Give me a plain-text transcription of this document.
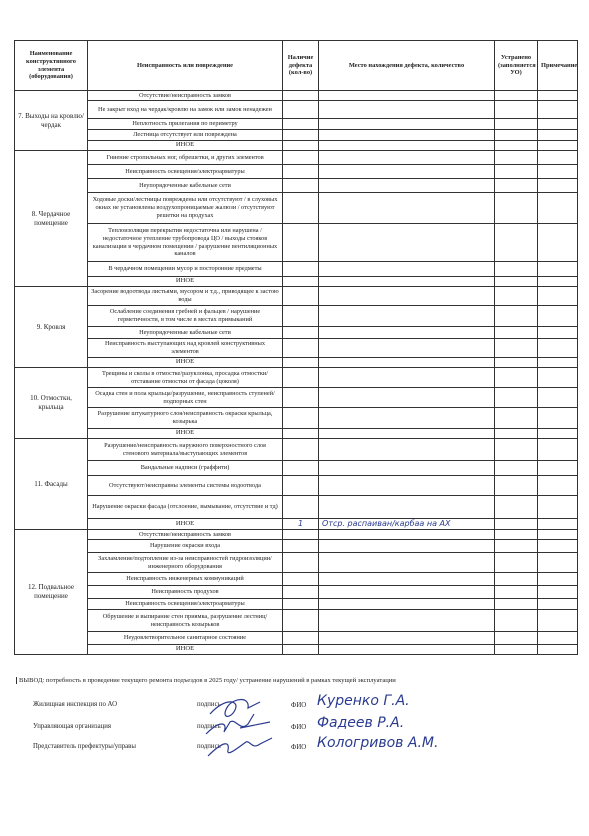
Наименование конструктивного элемента (оборудования)	Неисправность или повреждение	Наличие дефекта (кол-во)	Место нахождения дефекта, количество	Устранено (заполняется УО)	Примечание
7. Выходы на кровлю/чердак	Отсутствие/неисправность замков				
	Не закрыт вход на чердак/кровлю на замок или замок ненадежен				
	Неплотность прилегания по периметру				
	Лестница отсутствует или повреждена				
	ИНОЕ				
8. Чердачное помещение	Гниение стропильных ног, обрешетки, и других элементов				
	Неисправность освещения/электроарматуры				
	Неупорядоченные кабельные сети				
	Ходовые доски/лестницы повреждены или отсутствуют / в слуховых окнах не установлены воздухопроницаемые жалюзи / отсутствуют решетки на продухах				
	Теплоизоляция перекрытия недостаточна или нарушена / недостаточное утепление трубопровода ЦО / выходы стояков канализации в чердачном помещении / разрушение вентиляционных каналов				
	В чердачном помещении мусор и посторонние предметы				
	ИНОЕ				
9. Кровля	Засорение водоотвода листьями, мусором и т.д., приводящее к застою воды				
	Ослабление соединения гребней и фальцев / нарушение герметичности, в том числе в местах примыканий				
	Неупорядоченные кабельные сети				
	Неисправность выступающих над кровлей конструктивных элементов				
	ИНОЕ				
10. Отмостки, крыльца	Трещины и сколы в отмостке/разуклонка, просадка отмостки/отставание отмостки от фасада (цоколя)				
	Осадка стен и пола крыльца/разрушение, неисправность ступеней/подпорных стен				
	Разрушение штукатурного слоя/неисправность окраски крыльца, козырька				
	ИНОЕ				
11. Фасады	Разрушение/неисправность наружного поверхностного слоя стенового материала/выступающих элементов				
	Вандальные надписи (граффити)				
	Отсутствуют/неисправны элементы системы водоотвода				
	Нарушение окраски фасада (отслоение, вымывание, отсутствие и тд)				
	ИНОЕ	1	Отср. распаиван/карбаа на АХ		
12. Подвальное помещение	Отсутствие/неисправность замков				
	Нарушение окраски входа				
	Захламление/подтопление из-за неисправностей гидроизоляции/инженерного оборудования				
	Неисправность инженерных коммуникаций				
	Неисправность продухов				
	Неисправность освещения/электроарматуры				
	Обрушение и выпирание стен приямка, разрушение лестниц/неисправность козырьков				
	Неудовлетворительное санитарное состояние				
	ИНОЕ				
ВЫВОД: потребность в проведение текущего ремонта подъездов в 2025 году/ устранение нарушений в рамках текущей эксплуатации
Жилищная инспекция по АО	подпись	ФИО Куренко Г.А.
Управляющая организация	подпись	ФИО Фадеев Р.А.
Представитель префектуры/управы	подпись	ФИО Кологривов А.М.
